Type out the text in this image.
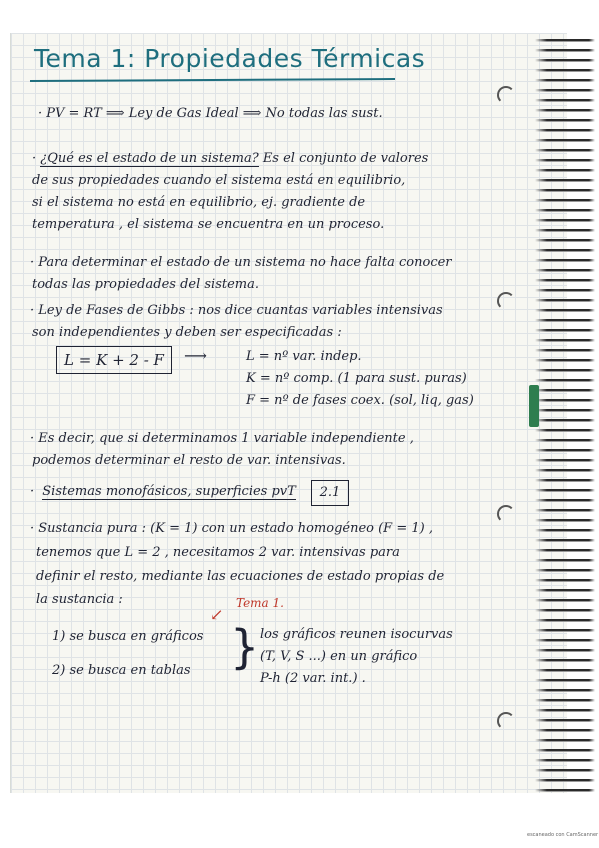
Tema 1: Propiedades Térmicas
· PV = RT ⟹ Ley de Gas Ideal ⟹ No todas las sust.
· ¿Qué es el estado de un sistema? Es el conjunto de valores
de sus propiedades cuando el sistema está en equilibrio,
si el sistema no está en equilibrio, ej. gradiente de
temperatura , el sistema se encuentra en un proceso.
· Para determinar el estado de un sistema no hace falta conocer
todas las propiedades del sistema.
· Ley de Fases de Gibbs : nos dice cuantas variables intensivas
son independientes y deben ser especificadas :
L = K + 2 - F	⟶	L = nº var. indep.
K = nº comp. (1 para sust. puras)
F = nº de fases coex. (sol, liq, gas)
· Es decir, que si determinamos 1 variable independiente ,
podemos determinar el resto de var. intensivas.
· Sistemas monofásicos, superficies pvT	2.1
· Sustancia pura : (K = 1) con un estado homogéneo (F = 1) ,
tenemos que L = 2 , necesitamos 2 var. intensivas para
definir el resto, mediante las ecuaciones de estado propias de
la sustancia :	Tema 1.
↙
1) se busca en gráficos
2) se busca en tablas } los gráficos reunen isocurvas
(T, V, S ...) en un gráfico
P-h (2 var. int.) .
escaneado con CamScanner
